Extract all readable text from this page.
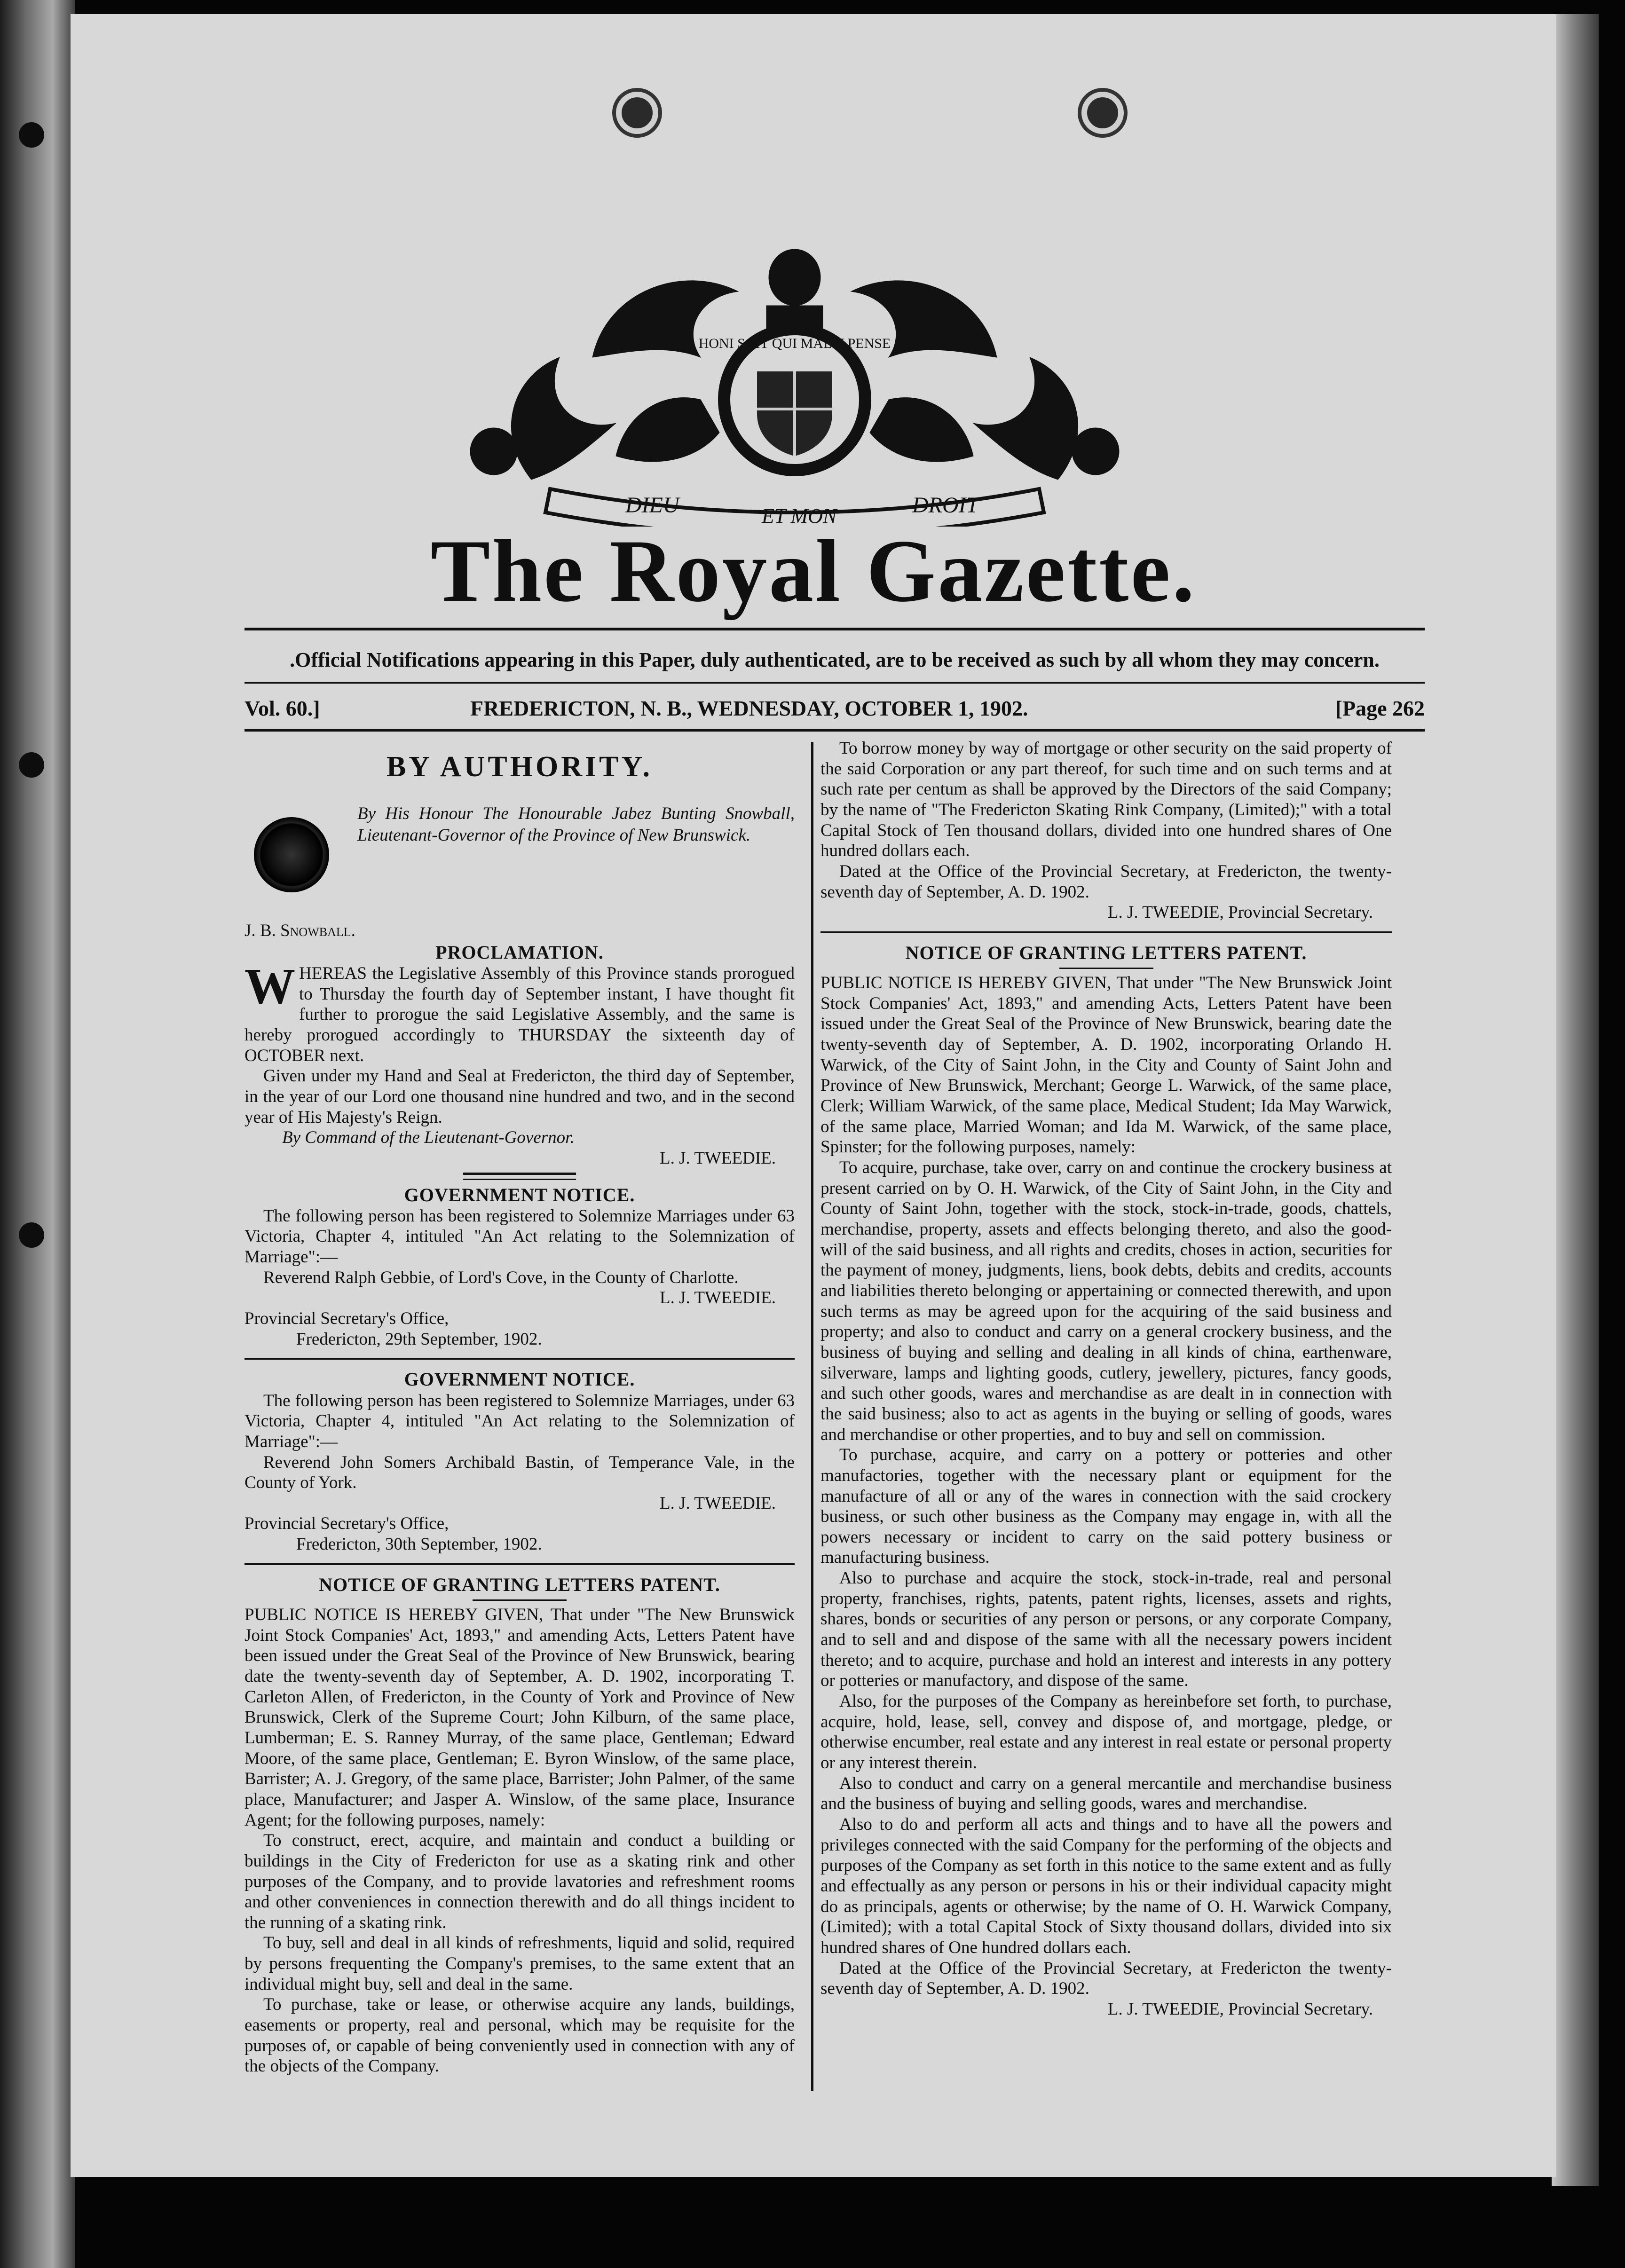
HONI SOIT QUI MAL Y PENSE
DIEU	ET MON	DROIT
The Royal Gazette.
.Official Notifications appearing in this Paper, duly authenticated, are to be received as such by all whom they may concern.
Vol. 60.]	FREDERICTON, N. B., WEDNESDAY, OCTOBER 1, 1902.	[Page 262
BY AUTHORITY.
By His Honour The Honourable Jabez Bunting Snowball, Lieutenant-Governor of the Province of New Brunswick.

J. B. Snowball.

PROCLAMATION.

WHEREAS the Legislative Assembly of this Province stands prorogued to Thursday the fourth day of September instant, I have thought fit further to prorogue the said Legislative Assembly, and the same is hereby prorogued accordingly to THURSDAY the sixteenth day of OCTOBER next.

Given under my Hand and Seal at Fredericton, the third day of September, in the year of our Lord one thousand nine hundred and two, and in the second year of His Majesty's Reign.

By Command of the Lieutenant-Governor.

L. J. TWEEDIE.

GOVERNMENT NOTICE.

The following person has been registered to Solemnize Marriages under 63 Victoria, Chapter 4, intituled "An Act relating to the Solemnization of Marriage":—

Reverend Ralph Gebbie, of Lord's Cove, in the County of Charlotte.

L. J. TWEEDIE.

Provincial Secretary's Office,

Fredericton, 29th September, 1902.

GOVERNMENT NOTICE.

The following person has been registered to Solemnize Marriages, under 63 Victoria, Chapter 4, intituled "An Act relating to the Solemnization of Marriage":—

Reverend John Somers Archibald Bastin, of Temperance Vale, in the County of York.

L. J. TWEEDIE.

Provincial Secretary's Office,

Fredericton, 30th September, 1902.

NOTICE OF GRANTING LETTERS PATENT.

PUBLIC NOTICE IS HEREBY GIVEN, That under "The New Brunswick Joint Stock Companies' Act, 1893," and amending Acts, Letters Patent have been issued under the Great Seal of the Province of New Brunswick, bearing date the twenty-seventh day of September, A. D. 1902, incorporating T. Carleton Allen, of Fredericton, in the County of York and Province of New Brunswick, Clerk of the Supreme Court; John Kilburn, of the same place, Lumberman; E. S. Ranney Murray, of the same place, Gentleman; Edward Moore, of the same place, Gentleman; E. Byron Winslow, of the same place, Barrister; A. J. Gregory, of the same place, Barrister; John Palmer, of the same place, Manufacturer; and Jasper A. Winslow, of the same place, Insurance Agent; for the following purposes, namely:

To construct, erect, acquire, and maintain and conduct a building or buildings in the City of Fredericton for use as a skating rink and other purposes of the Company, and to provide lavatories and refreshment rooms and other conveniences in connection therewith and do all things incident to the running of a skating rink.

To buy, sell and deal in all kinds of refreshments, liquid and solid, required by persons frequenting the Company's premises, to the same extent that an individual might buy, sell and deal in the same.

To purchase, take or lease, or otherwise acquire any lands, buildings, easements or property, real and personal, which may be requisite for the purposes of, or capable of being conveniently used in connection with any of the objects of the Company.

To borrow money by way of mortgage or other security on the said property of the said Corporation or any part thereof, for such time and on such terms and at such rate per centum as shall be approved by the Directors of the said Company; by the name of "The Fredericton Skating Rink Company, (Limited);" with a total Capital Stock of Ten thousand dollars, divided into one hundred shares of One hundred dollars each.

Dated at the Office of the Provincial Secretary, at Fredericton, the twenty-seventh day of September, A. D. 1902.

L. J. TWEEDIE, Provincial Secretary.

NOTICE OF GRANTING LETTERS PATENT.

PUBLIC NOTICE IS HEREBY GIVEN, That under "The New Brunswick Joint Stock Companies' Act, 1893," and amending Acts, Letters Patent have been issued under the Great Seal of the Province of New Brunswick, bearing date the twenty-seventh day of September, A. D. 1902, incorporating Orlando H. Warwick, of the City of Saint John, in the City and County of Saint John and Province of New Brunswick, Merchant; George L. Warwick, of the same place, Clerk; William Warwick, of the same place, Medical Student; Ida May Warwick, of the same place, Married Woman; and Ida M. Warwick, of the same place, Spinster; for the following purposes, namely:

To acquire, purchase, take over, carry on and continue the crockery business at present carried on by O. H. Warwick, of the City of Saint John, in the City and County of Saint John, together with the stock, stock-in-trade, goods, chattels, merchandise, property, assets and effects belonging thereto, and also the good-will of the said business, and all rights and credits, choses in action, securities for the payment of money, judgments, liens, book debts, debits and credits, accounts and liabilities thereto belonging or appertaining or connected therewith, and upon such terms as may be agreed upon for the acquiring of the said business and property; and also to conduct and carry on a general crockery business, and the business of buying and selling and dealing in all kinds of china, earthenware, silverware, lamps and lighting goods, cutlery, jewellery, pictures, fancy goods, and such other goods, wares and merchandise as are dealt in in connection with the said business; also to act as agents in the buying or selling of goods, wares and merchandise or other properties, and to buy and sell on commission.

To purchase, acquire, and carry on a pottery or potteries and other manufactories, together with the necessary plant or equipment for the manufacture of all or any of the wares in connection with the said crockery business, or such other business as the Company may engage in, with all the powers necessary or incident to carry on the said pottery business or manufacturing business.

Also to purchase and acquire the stock, stock-in-trade, real and personal property, franchises, rights, patents, patent rights, licenses, assets and rights, shares, bonds or securities of any person or persons, or any corporate Company, and to sell and and dispose of the same with all the necessary powers incident thereto; and to acquire, purchase and hold an interest and interests in any pottery or potteries or manufactory, and dispose of the same.

Also, for the purposes of the Company as hereinbefore set forth, to purchase, acquire, hold, lease, sell, convey and dispose of, and mortgage, pledge, or otherwise encumber, real estate and any interest in real estate or personal property or any interest therein.

Also to conduct and carry on a general mercantile and merchandise business and the business of buying and selling goods, wares and merchandise.

Also to do and perform all acts and things and to have all the powers and privileges connected with the said Company for the performing of the objects and purposes of the Company as set forth in this notice to the same extent and as fully and effectually as any person or persons in his or their individual capacity might do as principals, agents or otherwise; by the name of O. H. Warwick Company, (Limited); with a total Capital Stock of Sixty thousand dollars, divided into six hundred shares of One hundred dollars each.

Dated at the Office of the Provincial Secretary, at Fredericton the twenty-seventh day of September, A. D. 1902.

L. J. TWEEDIE, Provincial Secretary.
